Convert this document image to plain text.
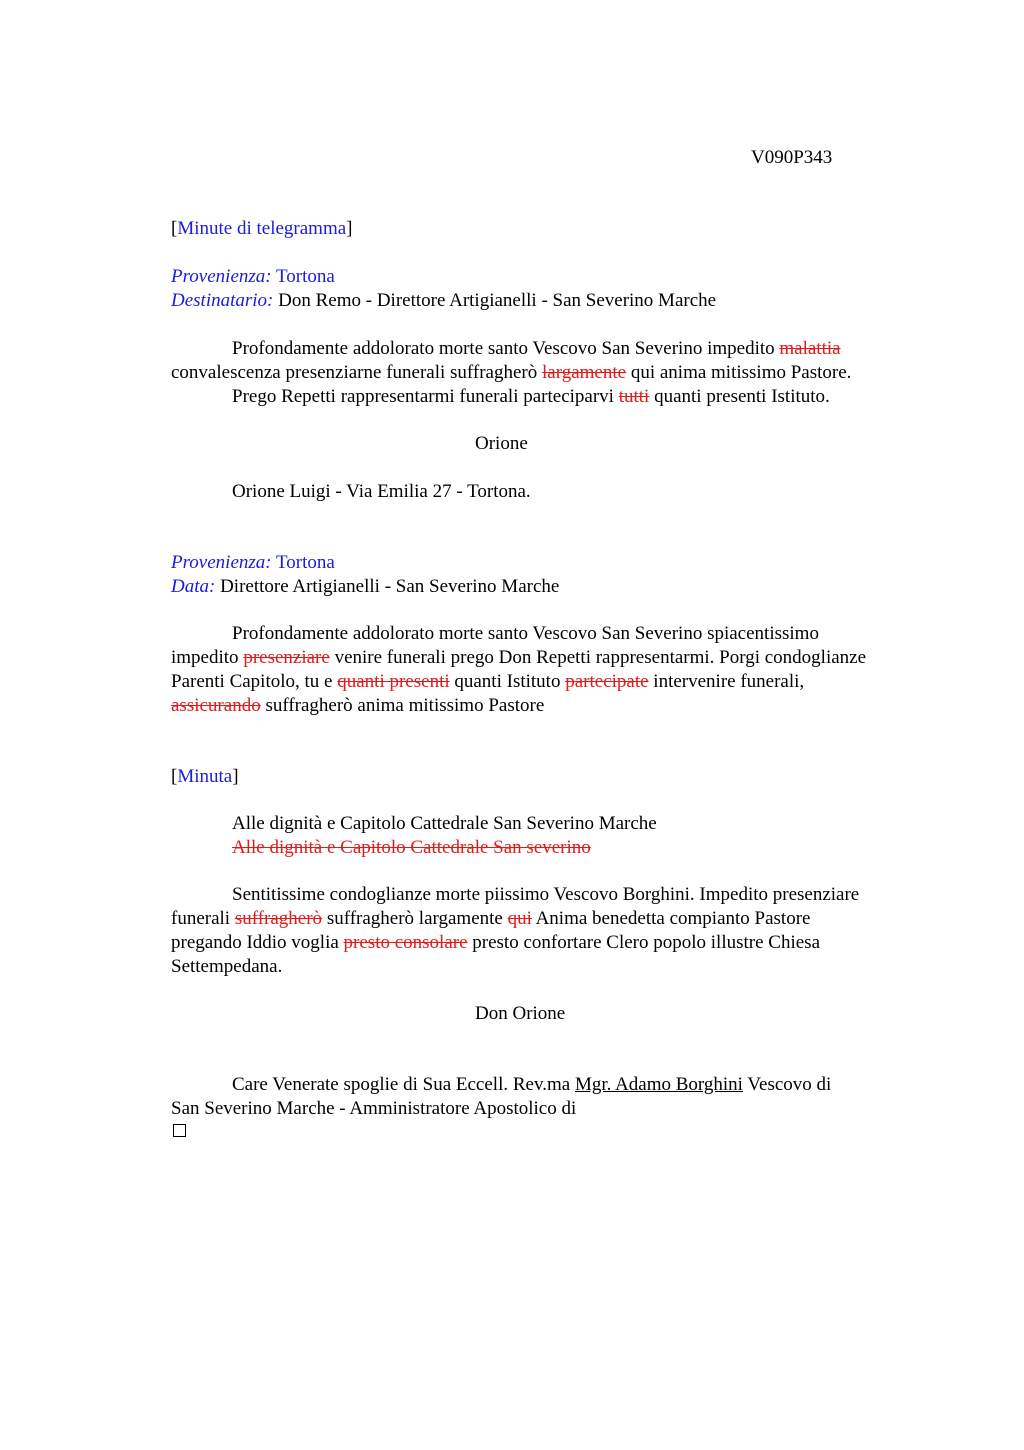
V090P343
[Minute di telegramma]
Provenienza: Tortona
Destinatario: Don Remo - Direttore Artigianelli - San Severino Marche
Profondamente addolorato morte santo Vescovo San Severino impedito malattia
convalescenza presenziarne funerali suffragherò largamente qui anima mitissimo Pastore.
Prego Repetti rappresentarmi funerali parteciparvi tutti quanti presenti Istituto.
Orione
Orione Luigi - Via Emilia 27 - Tortona.
Provenienza: Tortona
Data: Direttore Artigianelli - San Severino Marche
Profondamente addolorato morte santo Vescovo San Severino spiacentissimo
impedito presenziare venire funerali prego Don Repetti rappresentarmi. Porgi condoglianze
Parenti Capitolo, tu e quanti presenti quanti Istituto partecipate intervenire funerali,
assicurando suffragherò anima mitissimo Pastore
[Minuta]
Alle dignità e Capitolo Cattedrale San Severino Marche
Alle dignità e Capitolo Cattedrale San severino
Sentitissime condoglianze morte piissimo Vescovo Borghini. Impedito presenziare
funerali suffragherò suffragherò largamente qui Anima benedetta compianto Pastore
pregando Iddio voglia presto consolare presto confortare Clero popolo illustre Chiesa
Settempedana.
Don Orione
Care Venerate spoglie di Sua Eccell. Rev.ma Mgr. Adamo Borghini Vescovo di
San Severino Marche - Amministratore Apostolico di
